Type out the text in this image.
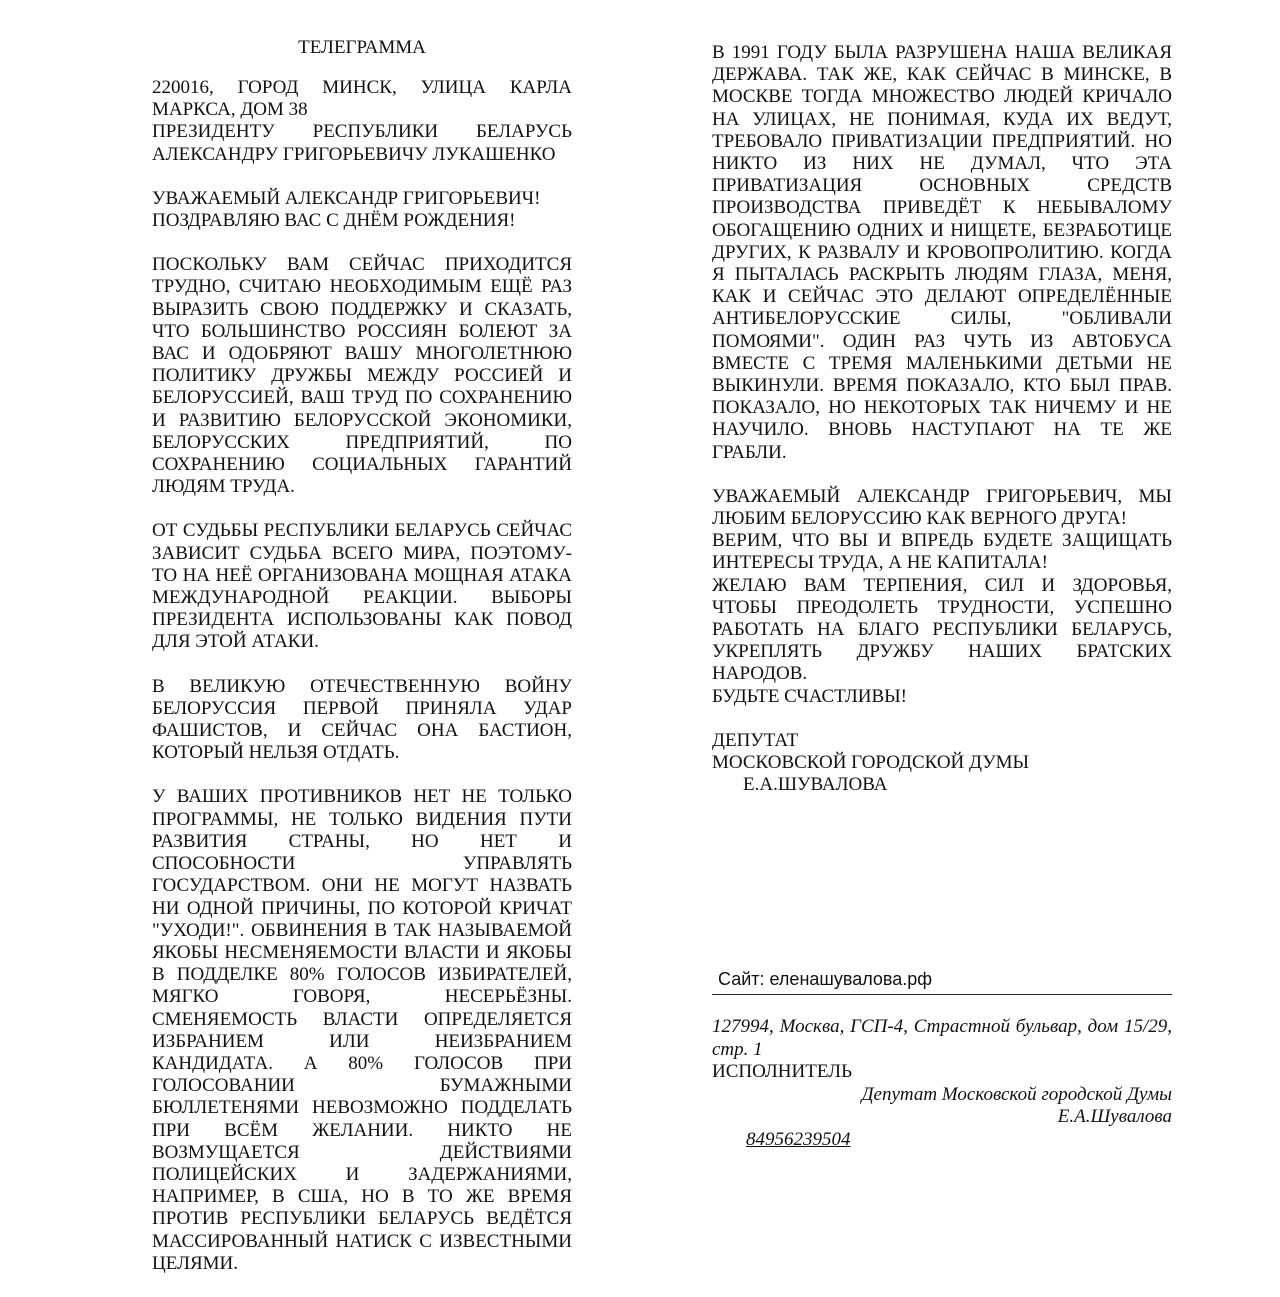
ТЕЛЕГРАММА
220016, ГОРОД МИНСК, УЛИЦА КАРЛА
МАРКСА, ДОМ 38
ПРЕЗИДЕНТУ РЕСПУБЛИКИ БЕЛАРУСЬ
АЛЕКСАНДРУ ГРИГОРЬЕВИЧУ ЛУКАШЕНКО
УВАЖАЕМЫЙ АЛЕКСАНДР ГРИГОРЬЕВИЧ!
ПОЗДРАВЛЯЮ ВАС С ДНЁМ РОЖДЕНИЯ!

ПОСКОЛЬКУ ВАМ СЕЙЧАС ПРИХОДИТСЯ ТРУДНО, СЧИТАЮ НЕОБХОДИМЫМ ЕЩЁ РАЗ ВЫРАЗИТЬ СВОЮ ПОДДЕРЖКУ И СКАЗАТЬ, ЧТО БОЛЬШИНСТВО РОССИЯН БОЛЕЮТ ЗА ВАС И ОДОБРЯЮТ ВАШУ МНОГОЛЕТНЮЮ ПОЛИТИКУ ДРУЖБЫ МЕЖДУ РОССИЕЙ И БЕЛОРУССИЕЙ, ВАШ ТРУД ПО СОХРАНЕНИЮ И РАЗВИТИЮ БЕЛОРУССКОЙ ЭКОНОМИКИ, БЕЛОРУССКИХ ПРЕДПРИЯТИЙ, ПО СОХРАНЕНИЮ СОЦИАЛЬНЫХ ГАРАНТИЙ ЛЮДЯМ ТРУДА.

ОТ СУДЬБЫ РЕСПУБЛИКИ БЕЛАРУСЬ СЕЙЧАС ЗАВИСИТ СУДЬБА ВСЕГО МИРА, ПОЭТОМУ-ТО НА НЕЁ ОРГАНИЗОВАНА МОЩНАЯ АТАКА МЕЖДУНАРОДНОЙ РЕАКЦИИ. ВЫБОРЫ ПРЕЗИДЕНТА ИСПОЛЬЗОВАНЫ КАК ПОВОД ДЛЯ ЭТОЙ АТАКИ.

В ВЕЛИКУЮ ОТЕЧЕСТВЕННУЮ ВОЙНУ БЕЛОРУССИЯ ПЕРВОЙ ПРИНЯЛА УДАР ФАШИСТОВ, И СЕЙЧАС ОНА БАСТИОН, КОТОРЫЙ НЕЛЬЗЯ ОТДАТЬ.

У ВАШИХ ПРОТИВНИКОВ НЕТ НЕ ТОЛЬКО ПРОГРАММЫ, НЕ ТОЛЬКО ВИДЕНИЯ ПУТИ РАЗВИТИЯ СТРАНЫ, НО НЕТ И СПОСОБНОСТИ УПРАВЛЯТЬ ГОСУДАРСТВОМ. ОНИ НЕ МОГУТ НАЗВАТЬ НИ ОДНОЙ ПРИЧИНЫ, ПО КОТОРОЙ КРИЧАТ "УХОДИ!". ОБВИНЕНИЯ В ТАК НАЗЫВАЕМОЙ ЯКОБЫ НЕСМЕНЯЕМОСТИ ВЛАСТИ И ЯКОБЫ В ПОДДЕЛКЕ 80% ГОЛОСОВ ИЗБИРАТЕЛЕЙ, МЯГКО ГОВОРЯ, НЕСЕРЬЁЗНЫ. СМЕНЯЕМОСТЬ ВЛАСТИ ОПРЕДЕЛЯЕТСЯ ИЗБРАНИЕМ ИЛИ НЕИЗБРАНИЕМ КАНДИДАТА. А 80% ГОЛОСОВ ПРИ ГОЛОСОВАНИИ БУМАЖНЫМИ БЮЛЛЕТЕНЯМИ НЕВОЗМОЖНО ПОДДЕЛАТЬ ПРИ ВСЁМ ЖЕЛАНИИ. НИКТО НЕ ВОЗМУЩАЕТСЯ ДЕЙСТВИЯМИ ПОЛИЦЕЙСКИХ И ЗАДЕРЖАНИЯМИ, НАПРИМЕР, В США, НО В ТО ЖЕ ВРЕМЯ ПРОТИВ РЕСПУБЛИКИ БЕЛАРУСЬ ВЕДЁТСЯ МАССИРОВАННЫЙ НАТИСК С ИЗВЕСТНЫМИ ЦЕЛЯМИ.

В 1991 ГОДУ БЫЛА РАЗРУШЕНА НАША ВЕЛИКАЯ ДЕРЖАВА. ТАК ЖЕ, КАК СЕЙЧАС В МИНСКЕ, В МОСКВЕ ТОГДА МНОЖЕСТВО ЛЮДЕЙ КРИЧАЛО НА УЛИЦАХ, НЕ ПОНИМАЯ, КУДА ИХ ВЕДУТ, ТРЕБОВАЛО ПРИВАТИЗАЦИИ ПРЕДПРИЯТИЙ. НО НИКТО ИЗ НИХ НЕ ДУМАЛ, ЧТО ЭТА ПРИВАТИЗАЦИЯ ОСНОВНЫХ СРЕДСТВ ПРОИЗВОДСТВА ПРИВЕДЁТ К НЕБЫВАЛОМУ ОБОГАЩЕНИЮ ОДНИХ И НИЩЕТЕ, БЕЗРАБОТИЦЕ ДРУГИХ, К РАЗВАЛУ И КРОВОПРОЛИТИЮ. КОГДА Я ПЫТАЛАСЬ РАСКРЫТЬ ЛЮДЯМ ГЛАЗА, МЕНЯ, КАК И СЕЙЧАС ЭТО ДЕЛАЮТ ОПРЕДЕЛЁННЫЕ АНТИБЕЛОРУССКИЕ СИЛЫ, "ОБЛИВАЛИ ПОМОЯМИ". ОДИН РАЗ ЧУТЬ ИЗ АВТОБУСА ВМЕСТЕ С ТРЕМЯ МАЛЕНЬКИМИ ДЕТЬМИ НЕ ВЫКИНУЛИ. ВРЕМЯ ПОКАЗАЛО, КТО БЫЛ ПРАВ. ПОКАЗАЛО, НО НЕКОТОРЫХ ТАК НИЧЕМУ И НЕ НАУЧИЛО. ВНОВЬ НАСТУПАЮТ НА ТЕ ЖЕ ГРАБЛИ.

УВАЖАЕМЫЙ АЛЕКСАНДР ГРИГОРЬЕВИЧ, МЫ ЛЮБИМ БЕЛОРУССИЮ КАК ВЕРНОГО ДРУГА!
ВЕРИМ, ЧТО ВЫ И ВПРЕДЬ БУДЕТЕ ЗАЩИЩАТЬ ИНТЕРЕСЫ ТРУДА, А НЕ КАПИТАЛА!
ЖЕЛАЮ ВАМ ТЕРПЕНИЯ, СИЛ И ЗДОРОВЬЯ, ЧТОБЫ ПРЕОДОЛЕТЬ ТРУДНОСТИ, УСПЕШНО РАБОТАТЬ НА БЛАГО РЕСПУБЛИКИ БЕЛАРУСЬ, УКРЕПЛЯТЬ ДРУЖБУ НАШИХ БРАТСКИХ НАРОДОВ.
БУДЬТЕ СЧАСТЛИВЫ!
ДЕПУТАТ
МОСКОВСКОЙ ГОРОДСКОЙ ДУМЫ
Е.А.ШУВАЛОВА
Сайт: еленашувалова.рф
127994, Москва, ГСП-4, Страстной бульвар, дом 15/29, стр. 1
ИСПОЛНИТЕЛЬ
Депутат Московской городской Думы
Е.А.Шувалова
84956239504
